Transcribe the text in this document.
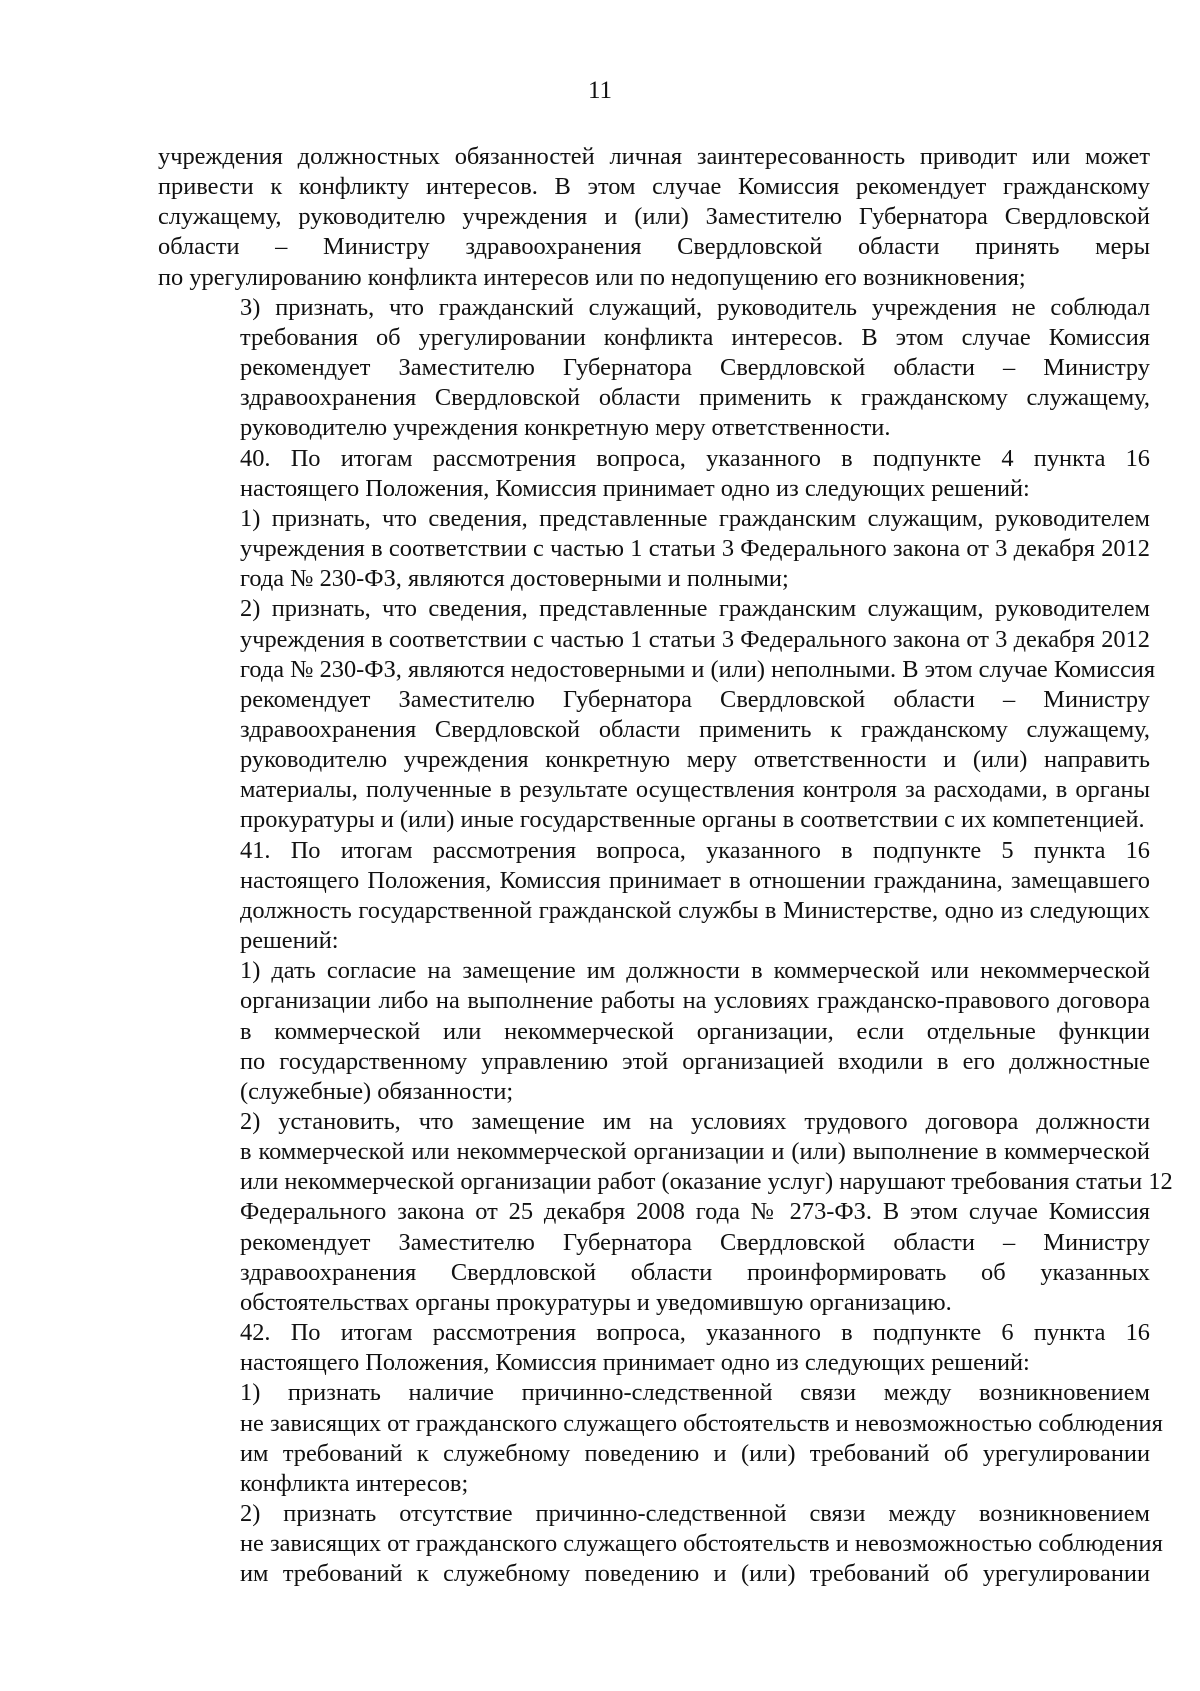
11

учреждения должностных обязанностей личная заинтересованность приводит или может
привести к конфликту интересов. В этом случае Комиссия рекомендует гражданскому
служащему, руководителю учреждения и (или) Заместителю Губернатора Свердловской
области – Министру здравоохранения Свердловской области принять меры
по урегулированию конфликта интересов или по недопущению его возникновения;

3) признать, что гражданский служащий, руководитель учреждения не соблюдал
требования об урегулировании конфликта интересов. В этом случае Комиссия
рекомендует Заместителю Губернатора Свердловской области – Министру
здравоохранения Свердловской области применить к гражданскому служащему,
руководителю учреждения конкретную меру ответственности.

40. По итогам рассмотрения вопроса, указанного в подпункте 4 пункта 16
настоящего Положения, Комиссия принимает одно из следующих решений:

1) признать, что сведения, представленные гражданским служащим, руководителем
учреждения в соответствии с частью 1 статьи 3 Федерального закона от 3 декабря 2012
года № 230-ФЗ, являются достоверными и полными;

2) признать, что сведения, представленные гражданским служащим, руководителем
учреждения в соответствии с частью 1 статьи 3 Федерального закона от 3 декабря 2012
года № 230-ФЗ, являются недостоверными и (или) неполными. В этом случае Комиссия
рекомендует Заместителю Губернатора Свердловской области – Министру
здравоохранения Свердловской области применить к гражданскому служащему,
руководителю учреждения конкретную меру ответственности и (или) направить
материалы, полученные в результате осуществления контроля за расходами, в органы
прокуратуры и (или) иные государственные органы в соответствии с их компетенцией.

41. По итогам рассмотрения вопроса, указанного в подпункте 5 пункта 16
настоящего Положения, Комиссия принимает в отношении гражданина, замещавшего
должность государственной гражданской службы в Министерстве, одно из следующих
решений:

1) дать согласие на замещение им должности в коммерческой или некоммерческой
организации либо на выполнение работы на условиях гражданско-правового договора
в коммерческой или некоммерческой организации, если отдельные функции
по государственному управлению этой организацией входили в его должностные
(служебные) обязанности;

2) установить, что замещение им на условиях трудового договора должности
в коммерческой или некоммерческой организации и (или) выполнение в коммерческой
или некоммерческой организации работ (оказание услуг) нарушают требования статьи 12
Федерального закона от 25 декабря 2008 года № 273-ФЗ. В этом случае Комиссия
рекомендует Заместителю Губернатора Свердловской области – Министру
здравоохранения Свердловской области проинформировать об указанных
обстоятельствах органы прокуратуры и уведомившую организацию.

42. По итогам рассмотрения вопроса, указанного в подпункте 6 пункта 16
настоящего Положения, Комиссия принимает одно из следующих решений:

1) признать наличие причинно-следственной связи между возникновением
не зависящих от гражданского служащего обстоятельств и невозможностью соблюдения
им требований к служебному поведению и (или) требований об урегулировании
конфликта интересов;

2) признать отсутствие причинно-следственной связи между возникновением
не зависящих от гражданского служащего обстоятельств и невозможностью соблюдения
им требований к служебному поведению и (или) требований об урегулировании
